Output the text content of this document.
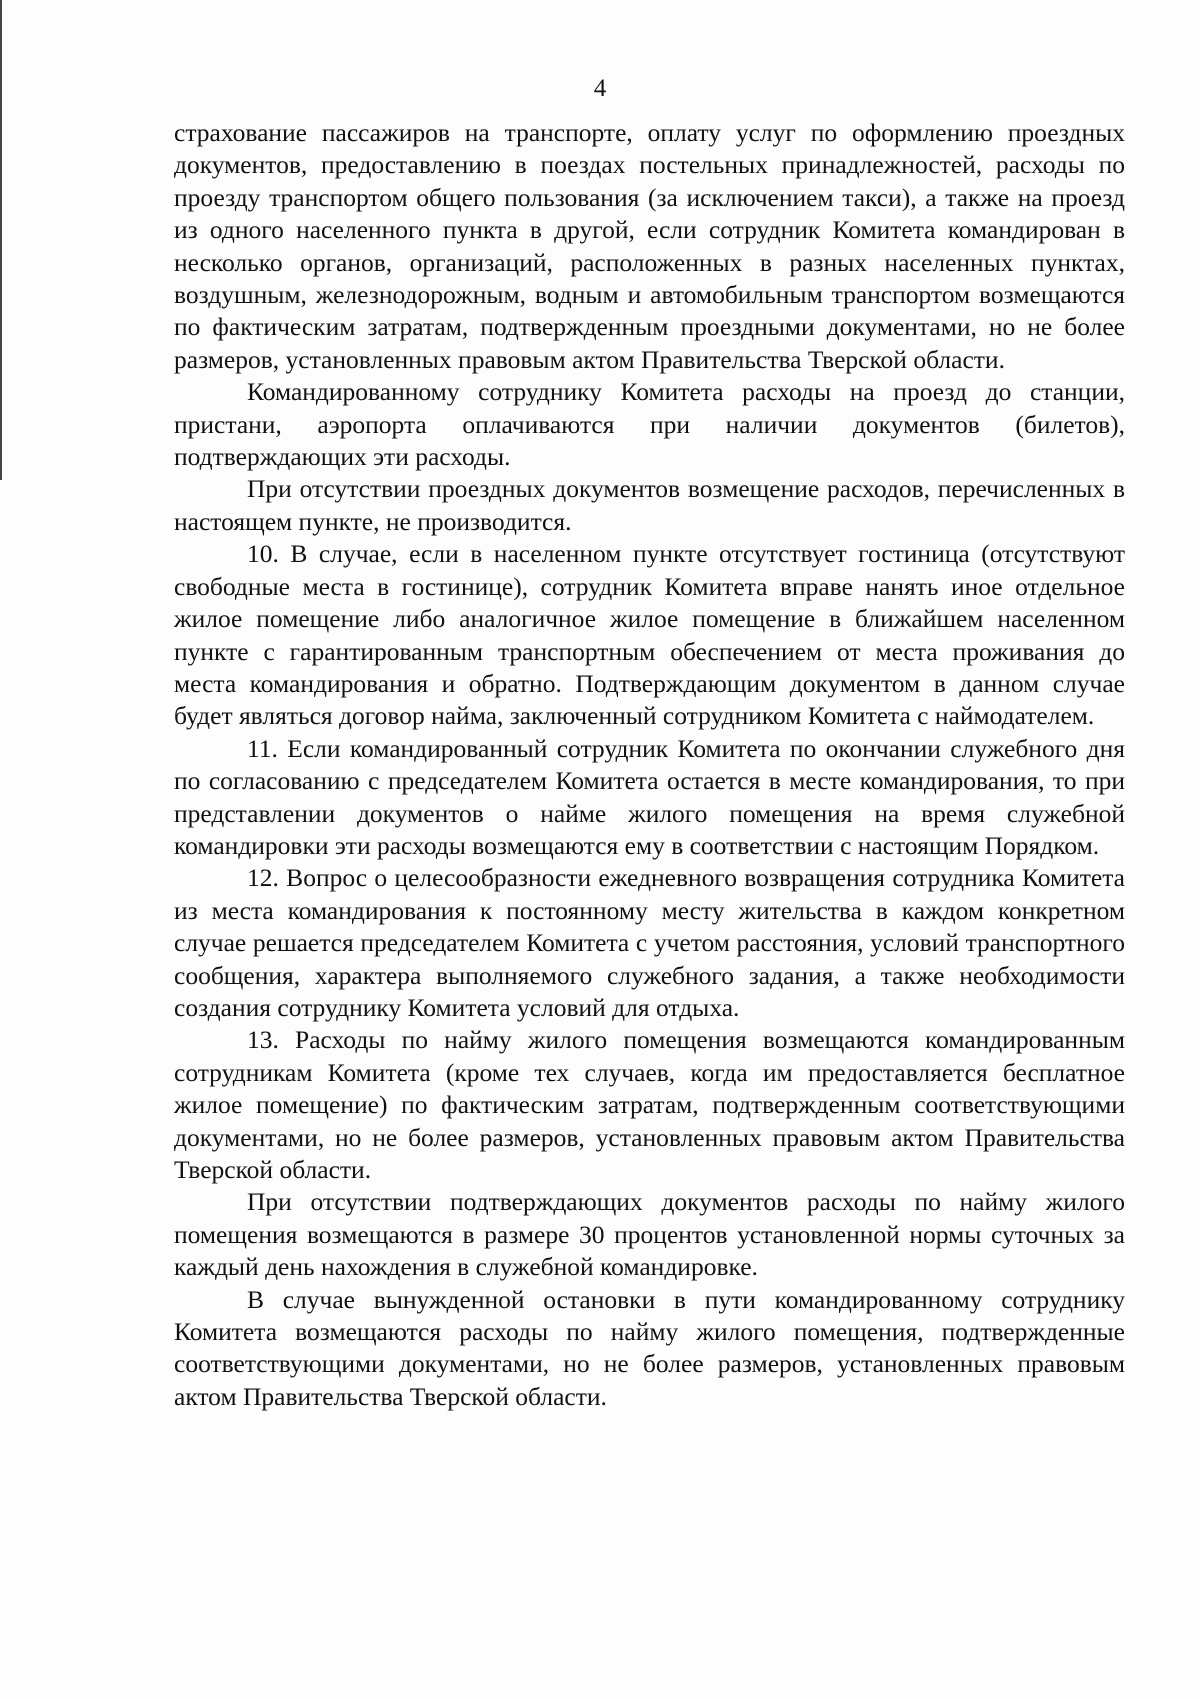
4

страхование пассажиров на транспорте, оплату услуг по оформлению проездных документов, предоставлению в поездах постельных принадлежностей, расходы по проезду транспортом общего пользования (за исключением такси), а также на проезд из одного населенного пункта в другой, если сотрудник Комитета командирован в несколько органов, организаций, расположенных в разных населенных пунктах, воздушным, железнодорожным, водным и автомобильным транспортом возмещаются по фактическим затратам, подтвержденным проездными документами, но не более размеров, установленных правовым актом Правительства Тверской области.

Командированному сотруднику Комитета расходы на проезд до станции, пристани, аэропорта оплачиваются при наличии документов (билетов), подтверждающих эти расходы.

При отсутствии проездных документов возмещение расходов, перечисленных в настоящем пункте, не производится.

10. В случае, если в населенном пункте отсутствует гостиница (отсутствуют свободные места в гостинице), сотрудник Комитета вправе нанять иное отдельное жилое помещение либо аналогичное жилое помещение в ближайшем населенном пункте с гарантированным транспортным обеспечением от места проживания до места командирования и обратно. Подтверждающим документом в данном случае будет являться договор найма, заключенный сотрудником Комитета с наймодателем.

11. Если командированный сотрудник Комитета по окончании служебного дня по согласованию с председателем Комитета остается в месте командирования, то при представлении документов о найме жилого помещения на время служебной командировки эти расходы возмещаются ему в соответствии с настоящим Порядком.

12. Вопрос о целесообразности ежедневного возвращения сотрудника Комитета из места командирования к постоянному месту жительства в каждом конкретном случае решается председателем Комитета с учетом расстояния, условий транспортного сообщения, характера выполняемого служебного задания, а также необходимости создания сотруднику Комитета условий для отдыха.

13. Расходы по найму жилого помещения возмещаются командированным сотрудникам Комитета (кроме тех случаев, когда им предоставляется бесплатное жилое помещение) по фактическим затратам, подтвержденным соответствующими документами, но не более размеров, установленных правовым актом Правительства Тверской области.

При отсутствии подтверждающих документов расходы по найму жилого помещения возмещаются в размере 30 процентов установленной нормы суточных за каждый день нахождения в служебной командировке.

В случае вынужденной остановки в пути командированному сотруднику Комитета возмещаются расходы по найму жилого помещения, подтвержденные соответствующими документами, но не более размеров, установленных правовым актом Правительства Тверской области.
